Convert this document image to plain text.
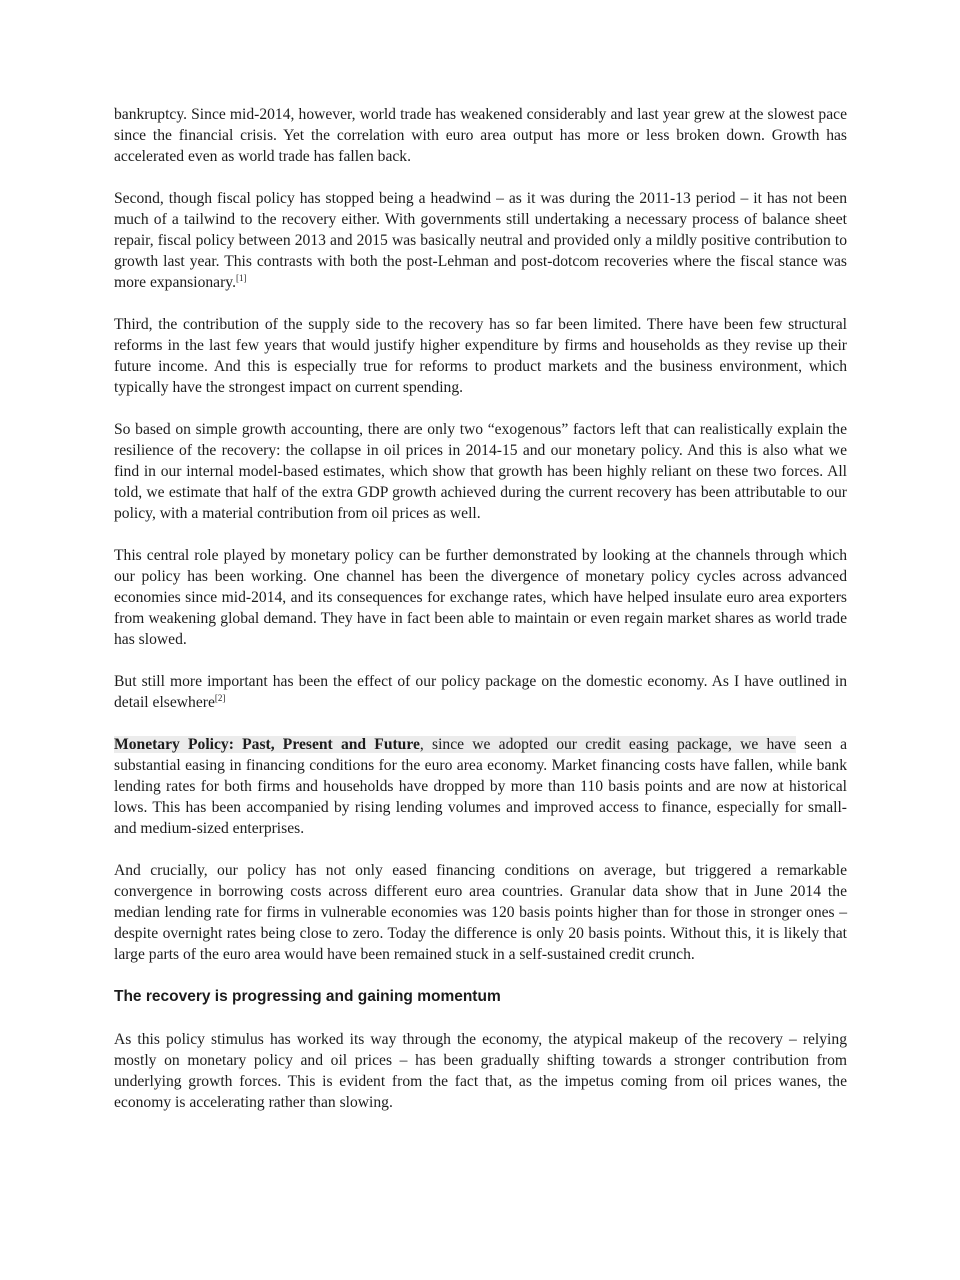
bankruptcy. Since mid-2014, however, world trade has weakened considerably and last year grew at the slowest pace since the financial crisis. Yet the correlation with euro area output has more or less broken down. Growth has accelerated even as world trade has fallen back.

Second, though fiscal policy has stopped being a headwind – as it was during the 2011-13 period – it has not been much of a tailwind to the recovery either. With governments still undertaking a necessary process of balance sheet repair, fiscal policy between 2013 and 2015 was basically neutral and provided only a mildly positive contribution to growth last year. This contrasts with both the post-Lehman and post-dotcom recoveries where the fiscal stance was more expansionary.[1]

Third, the contribution of the supply side to the recovery has so far been limited. There have been few structural reforms in the last few years that would justify higher expenditure by firms and households as they revise up their future income. And this is especially true for reforms to product markets and the business environment, which typically have the strongest impact on current spending.

So based on simple growth accounting, there are only two “exogenous” factors left that can realistically explain the resilience of the recovery: the collapse in oil prices in 2014-15 and our monetary policy. And this is also what we find in our internal model-based estimates, which show that growth has been highly reliant on these two forces. All told, we estimate that half of the extra GDP growth achieved during the current recovery has been attributable to our policy, with a material contribution from oil prices as well.

This central role played by monetary policy can be further demonstrated by looking at the channels through which our policy has been working. One channel has been the divergence of monetary policy cycles across advanced economies since mid-2014, and its consequences for exchange rates, which have helped insulate euro area exporters from weakening global demand. They have in fact been able to maintain or even regain market shares as world trade has slowed.

But still more important has been the effect of our policy package on the domestic economy. As I have outlined in detail elsewhere[2]

Monetary Policy: Past, Present and Future, since we adopted our credit easing package, we have seen a substantial easing in financing conditions for the euro area economy. Market financing costs have fallen, while bank lending rates for both firms and households have dropped by more than 110 basis points and are now at historical lows. This has been accompanied by rising lending volumes and improved access to finance, especially for small- and medium-sized enterprises.

And crucially, our policy has not only eased financing conditions on average, but triggered a remarkable convergence in borrowing costs across different euro area countries. Granular data show that in June 2014 the median lending rate for firms in vulnerable economies was 120 basis points higher than for those in stronger ones – despite overnight rates being close to zero. Today the difference is only 20 basis points. Without this, it is likely that large parts of the euro area would have been remained stuck in a self-sustained credit crunch.

The recovery is progressing and gaining momentum

As this policy stimulus has worked its way through the economy, the atypical makeup of the recovery – relying mostly on monetary policy and oil prices – has been gradually shifting towards a stronger contribution from underlying growth forces. This is evident from the fact that, as the impetus coming from oil prices wanes, the economy is accelerating rather than slowing.
